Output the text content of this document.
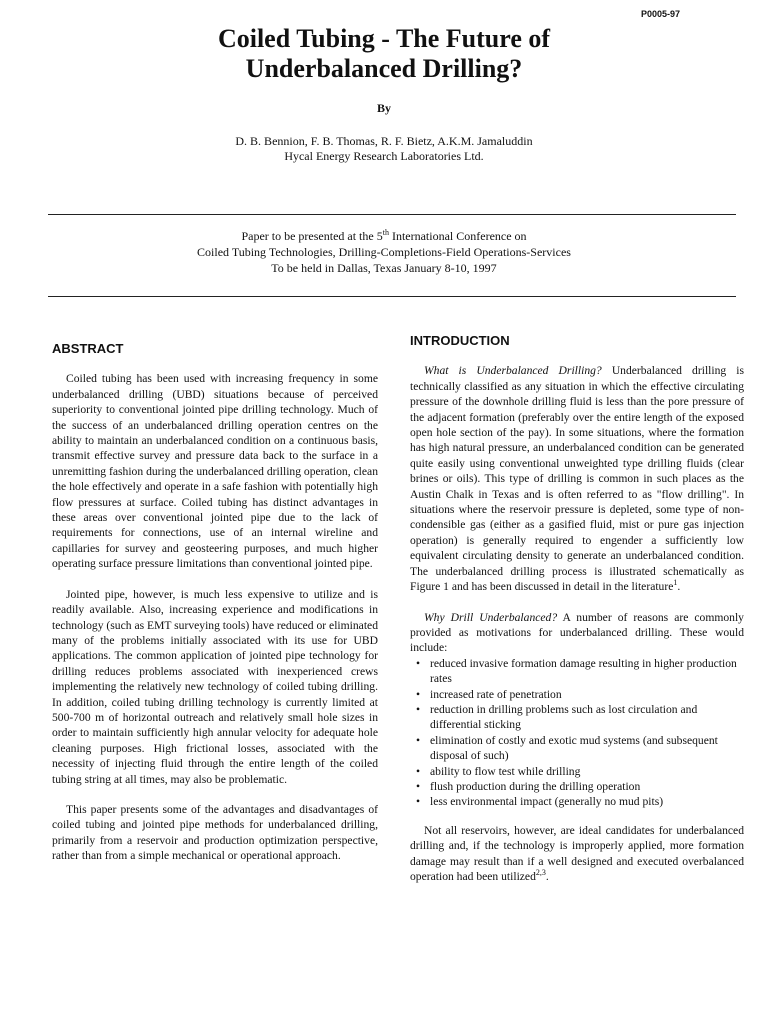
P0005-97
Coiled Tubing - The Future of
Underbalanced Drilling?
By
D. B. Bennion, F. B. Thomas, R. F. Bietz, A.K.M. Jamaluddin
Hycal Energy Research Laboratories Ltd.
Paper to be presented at the 5th International Conference on
Coiled Tubing Technologies, Drilling-Completions-Field Operations-Services
To be held in Dallas, Texas January 8-10, 1997
ABSTRACT

Coiled tubing has been used with increasing frequency in some underbalanced drilling (UBD) situations because of perceived superiority to conventional jointed pipe drilling technology. Much of the success of an underbalanced drilling operation centres on the ability to maintain an underbalanced condition on a continuous basis, transmit effective survey and pressure data back to the surface in a unremitting fashion during the underbalanced drilling operation, clean the hole effectively and operate in a safe fashion with potentially high flow pressures at surface. Coiled tubing has distinct advantages in these areas over conventional jointed pipe due to the lack of requirements for connections, use of an internal wireline and capillaries for survey and geosteering purposes, and much higher operating surface pressure limitations than conventional jointed pipe.

Jointed pipe, however, is much less expensive to utilize and is readily available. Also, increasing experience and modifications in technology (such as EMT surveying tools) have reduced or eliminated many of the problems initially associated with its use for UBD applications. The common application of jointed pipe technology for drilling reduces problems associated with inexperienced crews implementing the relatively new technology of coiled tubing drilling. In addition, coiled tubing drilling technology is currently limited at 500-700 m of horizontal outreach and relatively small hole sizes in order to maintain sufficiently high annular velocity for adequate hole cleaning purposes. High frictional losses, associated with the necessity of injecting fluid through the entire length of the coiled tubing string at all times, may also be problematic.

This paper presents some of the advantages and disadvantages of coiled tubing and jointed pipe methods for underbalanced drilling, primarily from a reservoir and production optimization perspective, rather than from a simple mechanical or operational approach.

INTRODUCTION

What is Underbalanced Drilling? Underbalanced drilling is technically classified as any situation in which the effective circulating pressure of the downhole drilling fluid is less than the pore pressure of the adjacent formation (preferably over the entire length of the exposed open hole section of the pay). In some situations, where the formation has high natural pressure, an underbalanced condition can be generated quite easily using conventional unweighted type drilling fluids (clear brines or oils). This type of drilling is common in such places as the Austin Chalk in Texas and is often referred to as "flow drilling". In situations where the reservoir pressure is depleted, some type of non-condensible gas (either as a gasified fluid, mist or pure gas injection operation) is generally required to engender a sufficiently low equivalent circulating density to generate an underbalanced condition. The underbalanced drilling process is illustrated schematically as Figure 1 and has been discussed in detail in the literature$^1$.

Why Drill Underbalanced? A number of reasons are commonly provided as motivations for underbalanced drilling. These would include:

• reduced invasive formation damage resulting in higher production rates
• increased rate of penetration
• reduction in drilling problems such as lost circulation and differential sticking
• elimination of costly and exotic mud systems (and subsequent disposal of such)
• ability to flow test while drilling
• flush production during the drilling operation
• less environmental impact (generally no mud pits)

Not all reservoirs, however, are ideal candidates for underbalanced drilling and, if the technology is improperly applied, more formation damage may result than if a well designed and executed overbalanced operation had been utilized$^{2,3}$.
